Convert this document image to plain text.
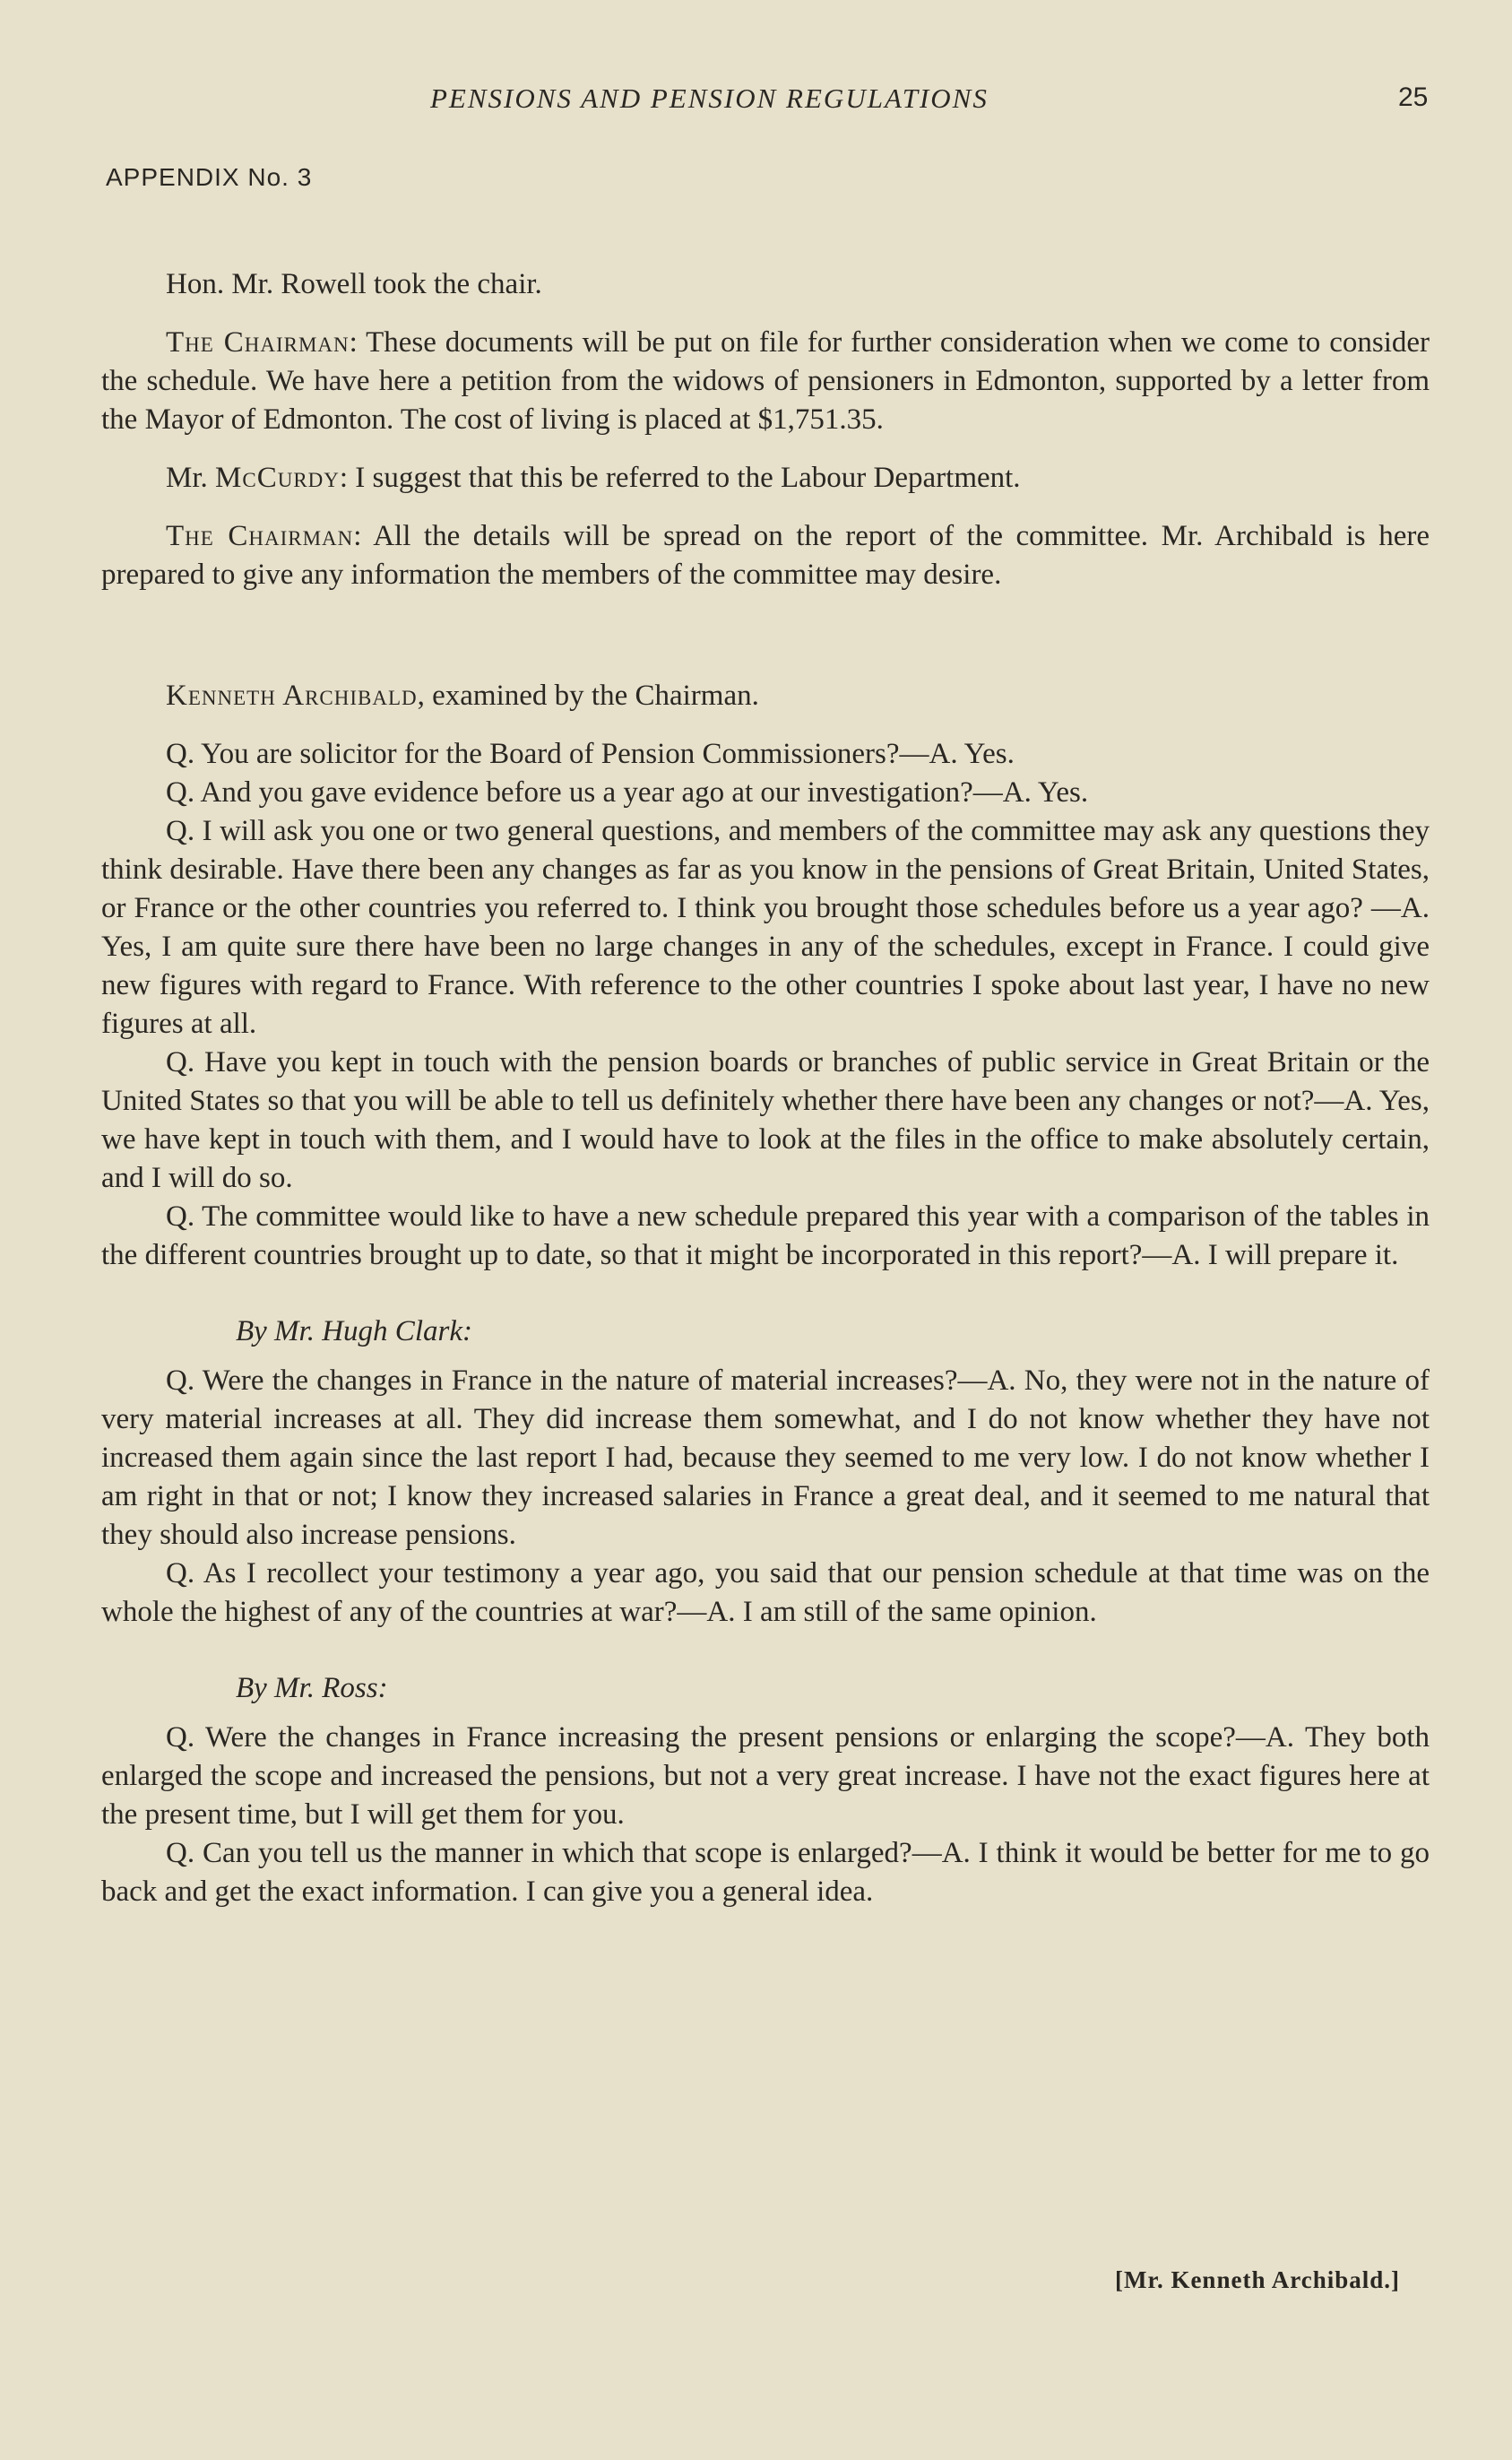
PENSIONS AND PENSION REGULATIONS	25
APPENDIX No. 3

Hon. Mr. Rowell took the chair.

The Chairman: These documents will be put on file for further consideration when we come to consider the schedule. We have here a petition from the widows of pensioners in Edmonton, supported by a letter from the Mayor of Edmonton. The cost of living is placed at $1,751.35.

Mr. McCurdy: I suggest that this be referred to the Labour Department.

The Chairman: All the details will be spread on the report of the committee. Mr. Archibald is here prepared to give any information the members of the committee may desire.

Kenneth Archibald, examined by the Chairman.

Q. You are solicitor for the Board of Pension Commissioners?—A. Yes.

Q. And you gave evidence before us a year ago at our investigation?—A. Yes.

Q. I will ask you one or two general questions, and members of the committee may ask any questions they think desirable. Have there been any changes as far as you know in the pensions of Great Britain, United States, or France or the other countries you referred to. I think you brought those schedules before us a year ago? —A. Yes, I am quite sure there have been no large changes in any of the schedules, except in France. I could give new figures with regard to France. With reference to the other countries I spoke about last year, I have no new figures at all.

Q. Have you kept in touch with the pension boards or branches of public service in Great Britain or the United States so that you will be able to tell us definitely whether there have been any changes or not?—A. Yes, we have kept in touch with them, and I would have to look at the files in the office to make absolutely certain, and I will do so.

Q. The committee would like to have a new schedule prepared this year with a comparison of the tables in the different countries brought up to date, so that it might be incorporated in this report?—A. I will prepare it.

By Mr. Hugh Clark:

Q. Were the changes in France in the nature of material increases?—A. No, they were not in the nature of very material increases at all. They did increase them somewhat, and I do not know whether they have not increased them again since the last report I had, because they seemed to me very low. I do not know whether I am right in that or not; I know they increased salaries in France a great deal, and it seemed to me natural that they should also increase pensions.

Q. As I recollect your testimony a year ago, you said that our pension schedule at that time was on the whole the highest of any of the countries at war?—A. I am still of the same opinion.

By Mr. Ross:

Q. Were the changes in France increasing the present pensions or enlarging the scope?—A. They both enlarged the scope and increased the pensions, but not a very great increase. I have not the exact figures here at the present time, but I will get them for you.

Q. Can you tell us the manner in which that scope is enlarged?—A. I think it would be better for me to go back and get the exact information. I can give you a general idea.

[Mr. Kenneth Archibald.]
